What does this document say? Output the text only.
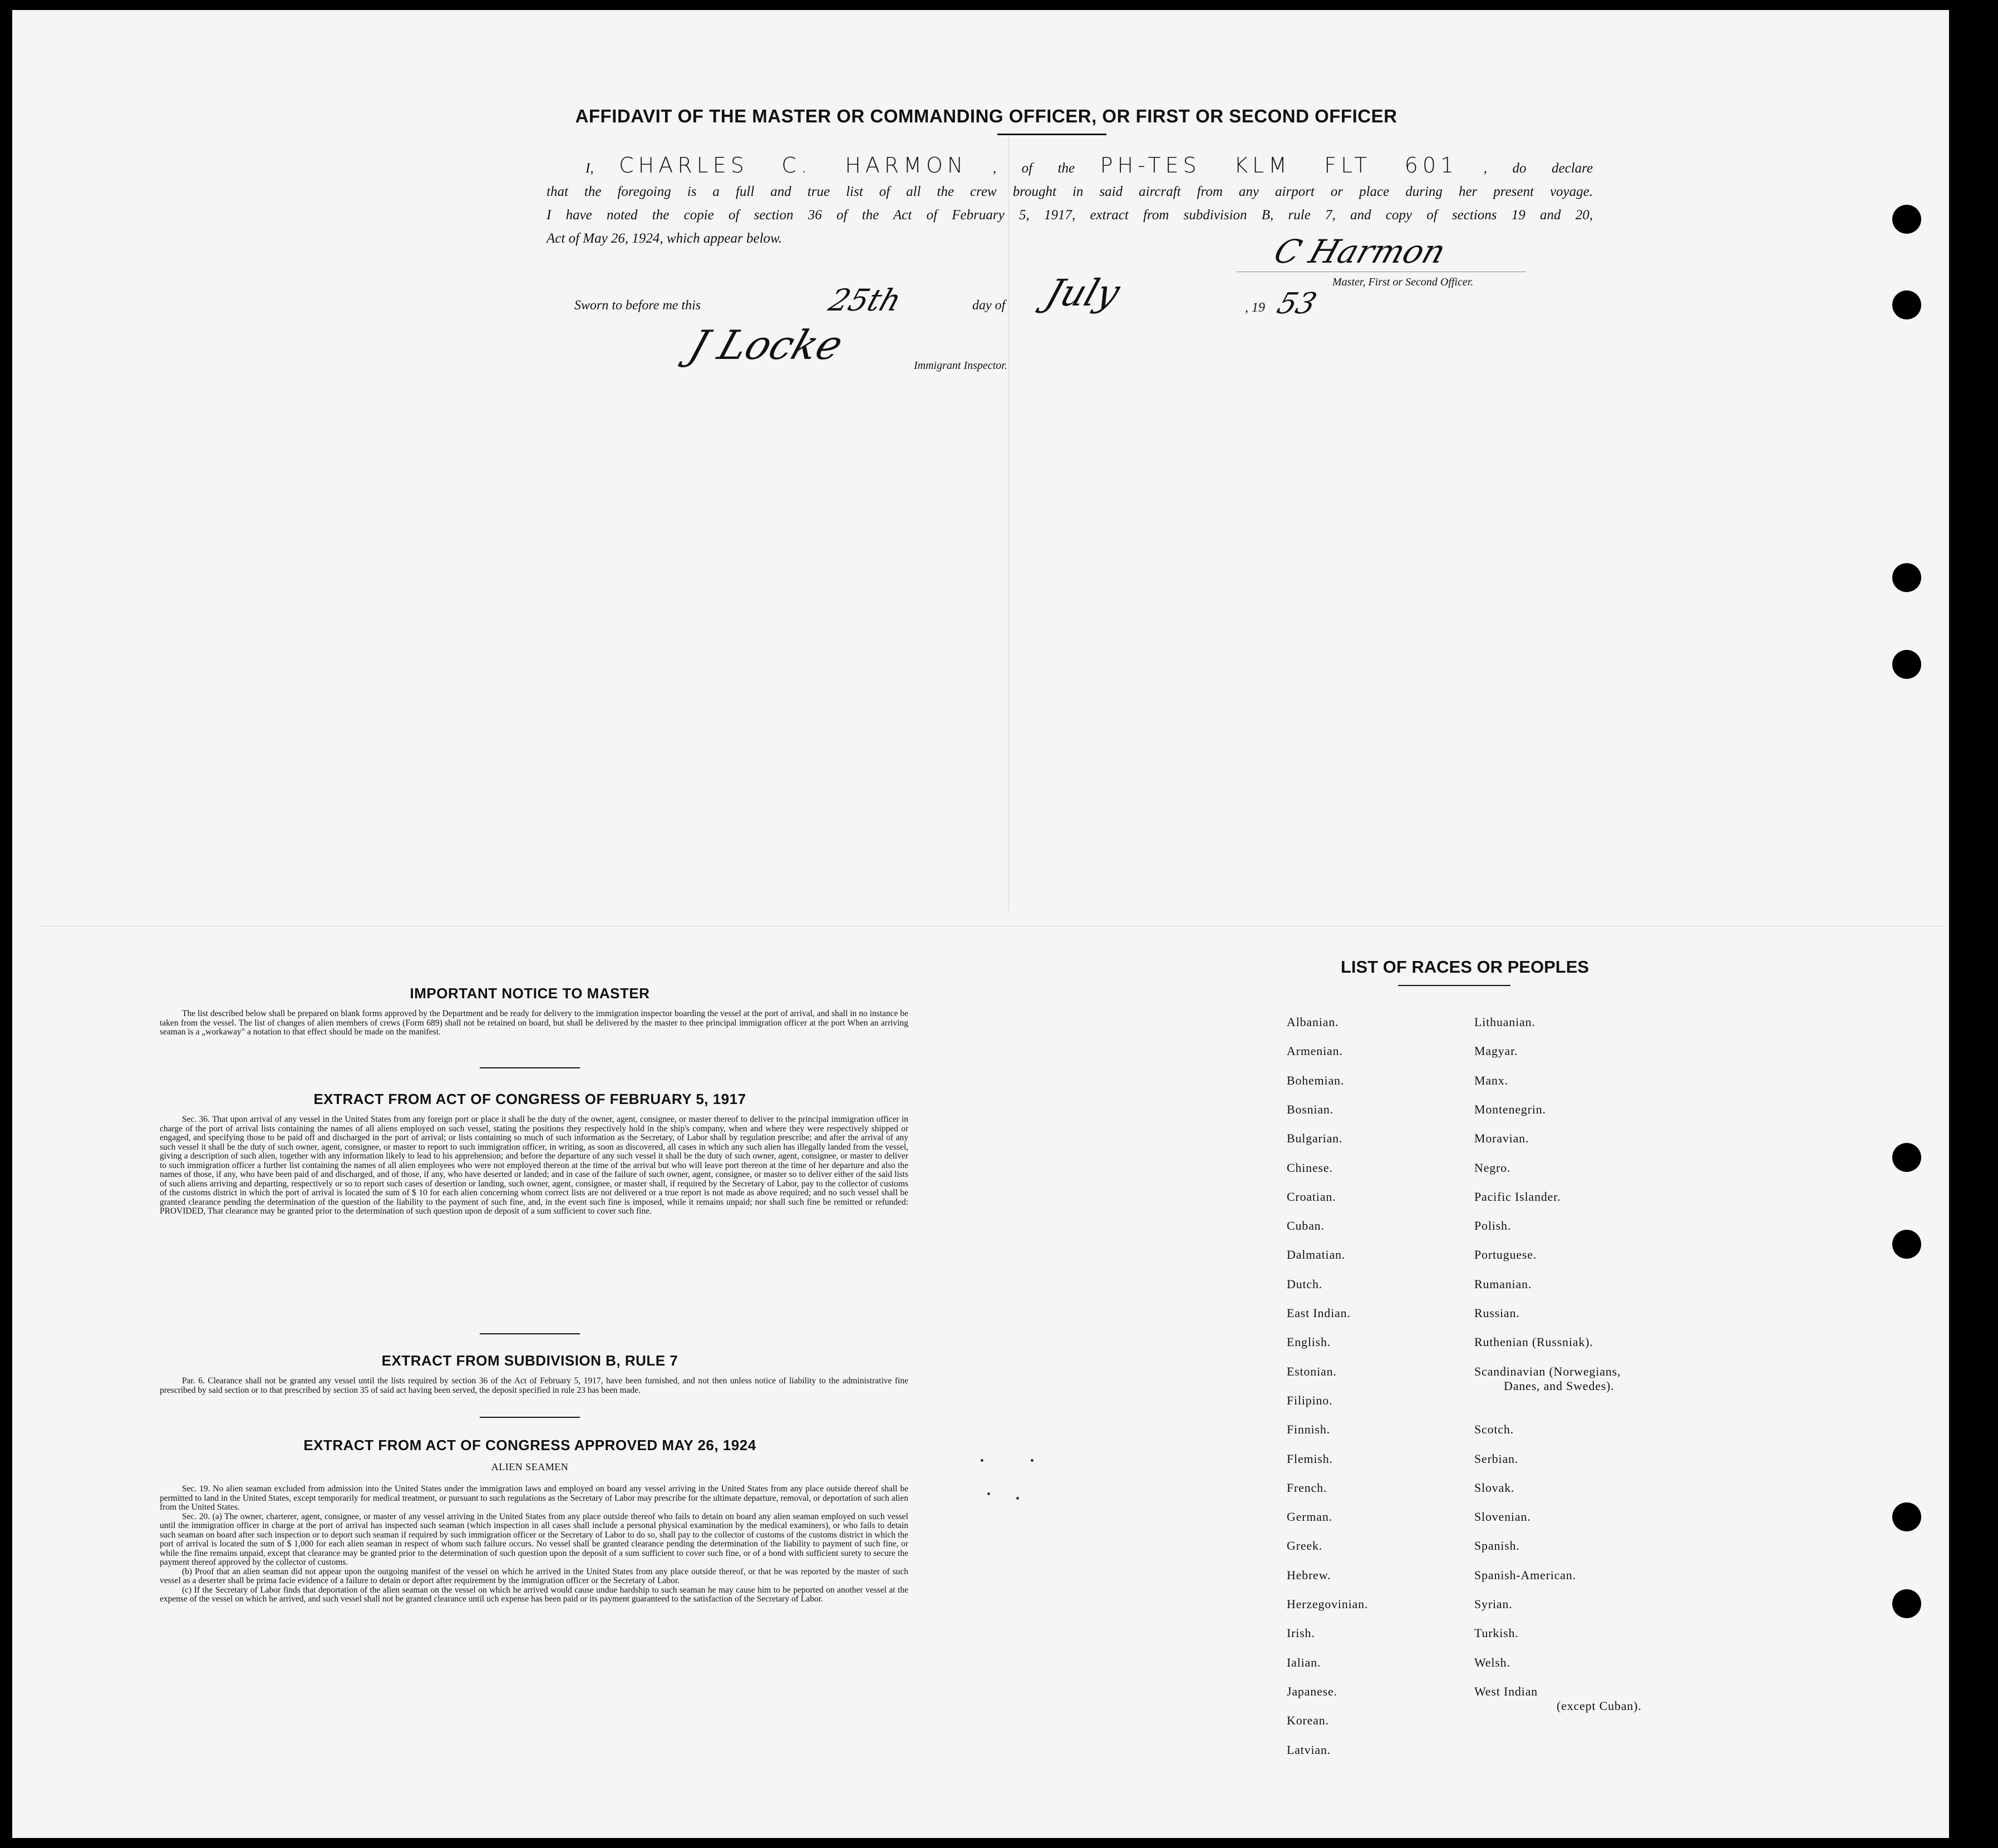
AFFIDAVIT OF THE MASTER OR COMMANDING OFFICER, OR FIRST OR SECOND OFFICER
I, CHARLES C. HARMON , of the PH-TES KLM FLT 601 , do declare
that the foregoing is a full and true list of all the crew brought in said aircraft from any airport or place during her present voyage.
I have noted the copie of section 36 of the Act of February 5, 1917, extract from subdivision B, rule 7, and copy of sections 19 and 20,
Act of May 26, 1924, which appear below.	C Harmon
Master, First or Second Officer.
Sworn to before me this	25th	day of July	, 19 53
J Locke	Immigrant Inspector.
IMPORTANT NOTICE TO MASTER

The list described below shall be prepared on blank forms approved by the Department and be ready for delivery to the immigration inspector boarding the vessel at the port of arrival, and shall in no instance be taken from the vessel. The list of changes of alien members of crews (Form 689) shall not be retained on board, but shall be delivered by the master to thee principal immigration officer at the port When an arriving seaman is a „workaway" a notation to that effect should be made on the manifest.

EXTRACT FROM ACT OF CONGRESS OF FEBRUARY 5, 1917

Sec. 36. That upon arrival of any vessel in the United States from any foreign port or place it shall be the duty of the owner, agent, consignee, or master thereof to deliver to the principal immigration officer in charge of the port of arrival lists containing the names of all aliens employed on such vessel, stating the positions they respectively hold in the ship's company, when and where they were respectively shipped or engaged, and specifying those to be paid off and discharged in the port of arrival; or lists containing so much of such information as the Secretary, of Labor shall by regulation prescribe; and after the arrival of any such vessel it shall be the duty of such owner, agent, consignee, or master to report to such immigration officer, in writing, as soon as discovered, all cases in which any such alien has illegally landed from the vessel, giving a description of such alien, together with any information likely to lead to his apprehension; and before the departure of any such vessel it shall be the duty of such owner, agent, consignee, or master to deliver to such immigration officer a further list containing the names of all alien employees who were not employed thereon at the time of the arrival but who will leave port thereon at the time of her departure and also the names of those, if any, who have been paid of and discharged, and of those, if any, who have deserted or landed; and in case of the failure of such owner, agent, consignee, or master so to deliver either of the said lists of such aliens arriving and departing, respectively or so to report such cases of desertion or landing, such owner, agent, consignee, or master shall, if required by the Secretary of Labor, pay to the collector of customs of the customs district in which the port of arrival is located the sum of $ 10 for each alien concerning whom correct lists are not delivered or a true report is not made as above required; and no such vessel shall be granted clearance pending the determination of the question of the liability to the payment of such fine, and, in the event such fine is imposed, while it remains unpaid; nor shall such fine be remitted or refunded: PROVIDED, That clearance may be granted prior to the determination of such question upon de deposit of a sum sufficient to cover such fine.

EXTRACT FROM SUBDIVISION B, RULE 7

Par. 6. Clearance shall not be granted any vessel until the lists required by section 36 of the Act of February 5, 1917, have been furnished, and not then unless notice of liability to the administrative fine prescribed by said section or to that prescribed by section 35 of said act having been served, the deposit specified in rule 23 has been made.

EXTRACT FROM ACT OF CONGRESS APPROVED MAY 26, 1924
ALIEN SEAMEN

Sec. 19. No alien seaman excluded from admission into the United States under the immigration laws and employed on board any vessel arriving in the United States from any place outside thereof shall be permitted to land in the United States, except temporarily for medical treatment, or pursuant to such regulations as the Secretary of Labor may prescribe for the ultimate departure, removal, or deportation of such alien from the United States.

Sec. 20. (a) The owner, charterer, agent, consignee, or master of any vessel arriving in the United States from any place outside thereof who fails to detain on board any alien seaman employed on such vessel until the immigration officer in charge at the port of arrival has inspected such seaman (which inspection in all cases shall include a personal physical examination by the medical examiners), or who fails to detain such seaman on board after such inspection or to deport such seaman if required by such immigration officer or the Secretary of Labor to do so, shall pay to the collector of customs of the customs district in which the port of arrival is located the sum of $ 1,000 for each alien seaman in respect of whom such failure occurs. No vessel shall be granted clearance pending the determination of the liability to payment of such fine, or while the fine remains unpaid, except that clearance may be granted prior to the determination of such question upon the deposit of a sum sufficient to cover such fine, or of a bond with sufficient surety to secure the payment thereof approved by the collector of customs.

(b) Proof that an alien seaman did not appear upon the outgoing manifest of the vessel on which he arrived in the United States from any place outside thereof, or that he was reported by the master of such vessel as a deserter shall be prima facie evidence of a failure to detain or deport after requirement by the immigration officer or the Secretary of Labor.

(c) If the Secretary of Labor finds that deportation of the alien seaman on the vessel on which he arrived would cause undue hardship to such seaman he may cause him to be peported on another vessel at the expense of the vessel on which he arrived, and such vessel shall not be granted clearance until uch expense has been paid or its payment guaranteed to the satisfaction of the Secretary of Labor.

LIST OF RACES OR PEOPLES
Albanian.
Armenian.
Bohemian.
Bosnian.
Bulgarian.
Chinese.
Croatian.
Cuban.
Dalmatian.
Dutch.
East Indian.
English.
Estonian.
Filipino.
Finnish.
Flemish.
French.
German.
Greek.
Hebrew.
Herzegovinian.
Irish.
Ialian.
Japanese.
Korean.
Latvian.
Lithuanian.
Magyar.
Manx.
Montenegrin.
Moravian.
Negro.
Pacific Islander.
Polish.
Portuguese.
Rumanian.
Russian.
Ruthenian (Russniak).
Scandinavian (Norwegians,
Danes, and Swedes).
Scotch.
Serbian.
Slovak.
Slovenian.
Spanish.
Spanish-American.
Syrian.
Turkish.
Welsh.
West Indian
(except Cuban).
